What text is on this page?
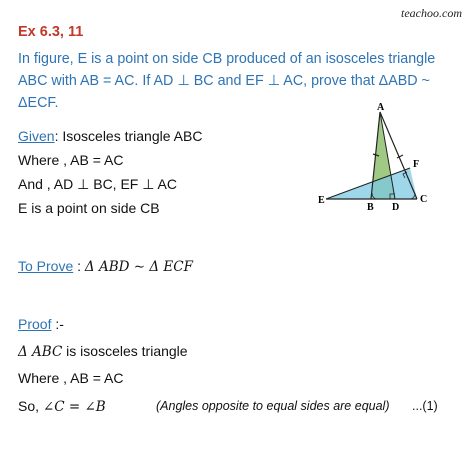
teachoo.com
Ex 6.3, 11
In figure, E is a point on side CB produced of an isosceles triangle ABC with AB = AC. If AD ⊥ BC and EF ⊥ AC, prove that ΔABD ~ ΔECF.
Given: Isosceles triangle ABC
Where , AB = AC
And , AD ⊥ BC, EF ⊥ AC
E is a point on side CB
To Prove : Δ ABD ∼ Δ ECF
Proof :-
Δ ABC is isosceles triangle
Where , AB = AC
So, ∠C = ∠B	(Angles opposite to equal sides are equal) ...(1)
A
E
B D
C
F
